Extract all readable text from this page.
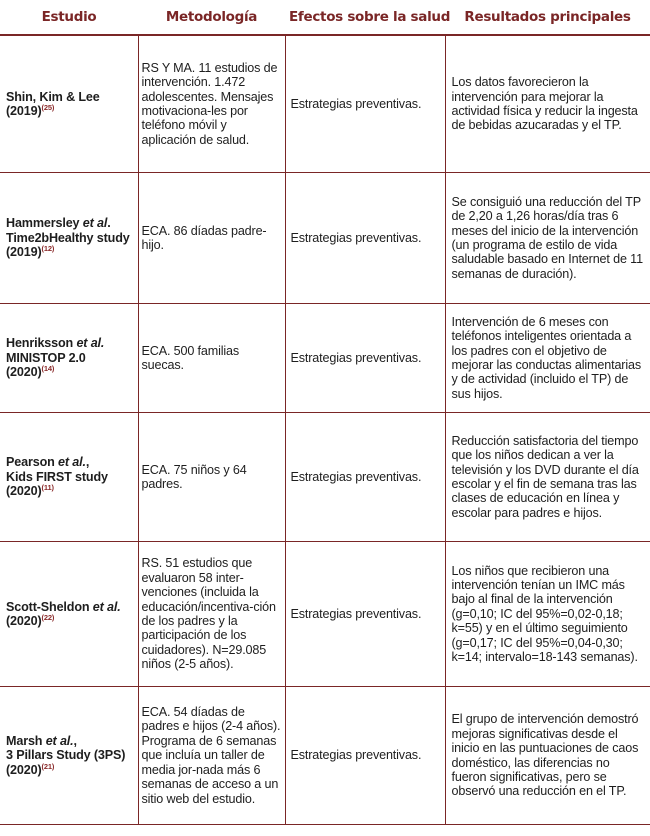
Estudio	Metodología	Efectos sobre la salud	Resultados principales
Shin, Kim & Lee
(2019)$^{(25)}$	RS Y MA. 11 estudios de intervención. 1.472 adolescentes. Mensajes motivaciona-les por teléfono móvil y aplicación de salud.	Estrategias preventivas.	Los datos favorecieron la intervención para mejorar la actividad física y reducir la ingesta de bebidas azucaradas y el TP.
Hammersley et al.
Time2bHealthy study
(2019)$^{(12)}$	ECA. 86 díadas padre-hijo.	Estrategias preventivas.	Se consiguió una reducción del TP de 2,20 a 1,26 horas/día tras 6 meses del inicio de la intervención (un programa de estilo de vida saludable basado en Internet de 11 semanas de duración).
Henriksson et al.
MINISTOP 2.0
(2020)$^{(14)}$	ECA. 500 familias suecas.	Estrategias preventivas.	Intervención de 6 meses con teléfonos inteligentes orientada a los padres con el objetivo de mejorar las conductas alimentarias y de actividad (incluido el TP) de sus hijos.
Pearson et al.,
Kids FIRST study
(2020)$^{(11)}$	ECA. 75 niños y 64 padres.	Estrategias preventivas.	Reducción satisfactoria del tiempo que los niños dedican a ver la televisión y los DVD durante el día escolar y el fin de semana tras las clases de educación en línea y escolar para padres e hijos.
Scott-Sheldon et al.
(2020)$^{(22)}$	RS. 51 estudios que evaluaron 58 inter-venciones (incluida la educación/incentiva-ción de los padres y la participación de los cuidadores). N=29.085 niños (2-5 años).	Estrategias preventivas.	Los niños que recibieron una intervención tenían un IMC más bajo al final de la intervención (g=0,10; IC del 95%=0,02-0,18; k=55) y en el último seguimiento (g=0,17; IC del 95%=0,04-0,30; k=14; intervalo=18-143 semanas).
Marsh et al.,
3 Pillars Study (3PS)
(2020)$^{(21)}$	ECA. 54 díadas de padres e hijos (2-4 años). Programa de 6 semanas que incluía un taller de media jor-nada más 6 semanas de acceso a un sitio web del estudio.	Estrategias preventivas.	El grupo de intervención demostró mejoras significativas desde el inicio en las puntuaciones de caos doméstico, las diferencias no fueron significativas, pero se observó una reducción en el TP.
